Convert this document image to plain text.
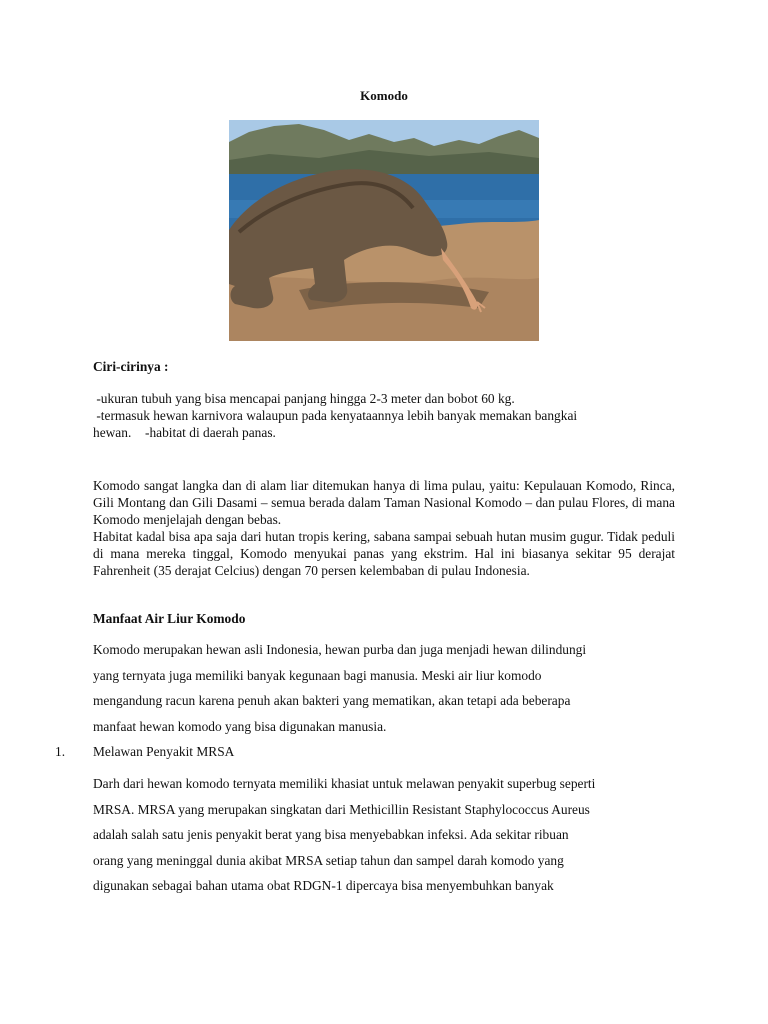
Komodo
Ciri-cirinya :

-ukuran tubuh yang bisa mencapai panjang hingga 2-3 meter dan bobot 60 kg.

-termasuk hewan karnivora walaupun pada kenyataannya lebih banyak memakan bangkai

hewan. -habitat di daerah panas.

Komodo sangat langka dan di alam liar ditemukan hanya di lima pulau, yaitu: Kepulauan Komodo, Rinca, Gili Montang dan Gili Dasami – semua berada dalam Taman Nasional Komodo – dan pulau Flores, di mana Komodo menjelajah dengan bebas.

Habitat kadal bisa apa saja dari hutan tropis kering, sabana sampai sebuah hutan musim gugur. Tidak peduli di mana mereka tinggal, Komodo menyukai panas yang ekstrim. Hal ini biasanya sekitar 95 derajat Fahrenheit (35 derajat Celcius) dengan 70 persen kelembaban di pulau Indonesia.

Manfaat Air Liur Komodo
Komodo merupakan hewan asli Indonesia, hewan purba dan juga menjadi hewan dilindungi
yang ternyata juga memiliki banyak kegunaan bagi manusia. Meski air liur komodo
mengandung racun karena penuh akan bakteri yang mematikan, akan tetapi ada beberapa
manfaat hewan komodo yang bisa digunakan manusia.
1. Melawan Penyakit MRSA
Darh dari hewan komodo ternyata memiliki khasiat untuk melawan penyakit superbug seperti
MRSA. MRSA yang merupakan singkatan dari Methicillin Resistant Staphylococcus Aureus
adalah salah satu jenis penyakit berat yang bisa menyebabkan infeksi. Ada sekitar ribuan
orang yang meninggal dunia akibat MRSA setiap tahun dan sampel darah komodo yang
digunakan sebagai bahan utama obat RDGN-1 dipercaya bisa menyembuhkan banyak
